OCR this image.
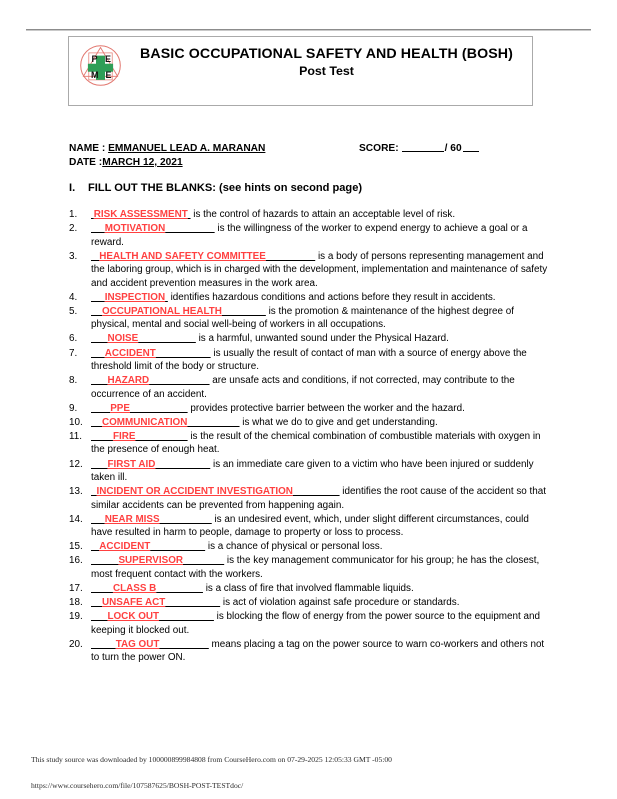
P E
M E
BASIC OCCUPATIONAL SAFETY AND HEALTH (BOSH)
Post Test
NAME : EMMANUEL LEAD A. MARANAN	SCORE:	/ 60
DATE :MARCH 12, 2021
I. FILL OUT THE BLANKS: (see hints on second page)
1.	RISK ASSESSMENT  is the control of hazards to attain an acceptable level of risk.
2.	MOTIVATION	is the willingness of the worker to expend energy to achieve a goal or a reward.
3.	HEALTH AND SAFETY COMMITTEE	is a body of persons representing management and the laboring group, which is in charged with the development, implementation and maintenance of safety and accident prevention measures in the work area.
4.	INSPECTION  identifies hazardous conditions and actions before they result in accidents.
5.	OCCUPATIONAL HEALTH	is the promotion & maintenance of the highest degree of physical, mental and social well-being of workers in all occupations.
6.	NOISE	is a harmful, unwanted sound under the Physical Hazard.
7.	ACCIDENT	is usually the result of contact of man with a source of energy above the threshold limit of the body or structure.
8.	HAZARD	are unsafe acts and conditions, if not corrected, may contribute to the occurrence of an accident.
9.	PPE	provides protective barrier between the worker and the hazard.
10.	COMMUNICATION	is what we do to give and get understanding.
11.	FIRE	is the result of the chemical combination of combustible materials with oxygen in the presence of enough heat.
12.	FIRST AID	is an immediate care given to a victim who have been injured or suddenly taken ill.
13.	INCIDENT OR ACCIDENT INVESTIGATION	identifies the root cause of the accident so that similar accidents can be prevented from happening again.
14.	NEAR MISS	is an undesired event, which, under slight different circumstances, could have resulted in harm to people, damage to property or loss to process.
15.	ACCIDENT	is a chance of physical or personal loss.
16.	SUPERVISOR	is the key management communicator for his group; he has the closest, most frequent contact with the workers.
17.	CLASS B	is a class of fire that involved flammable liquids.
18.	UNSAFE ACT	is act of violation against safe procedure or standards.
19.	LOCK OUT	is blocking the flow of energy from the power source to the equipment and keeping it blocked out.
20.	TAG OUT	means placing a tag on the power source to warn co-workers and others not to turn the power ON.
This study source was downloaded by 100000899984808 from CourseHero.com on 07-29-2025 12:05:33 GMT -05:00
https://www.coursehero.com/file/107587625/BOSH-POST-TESTdoc/
